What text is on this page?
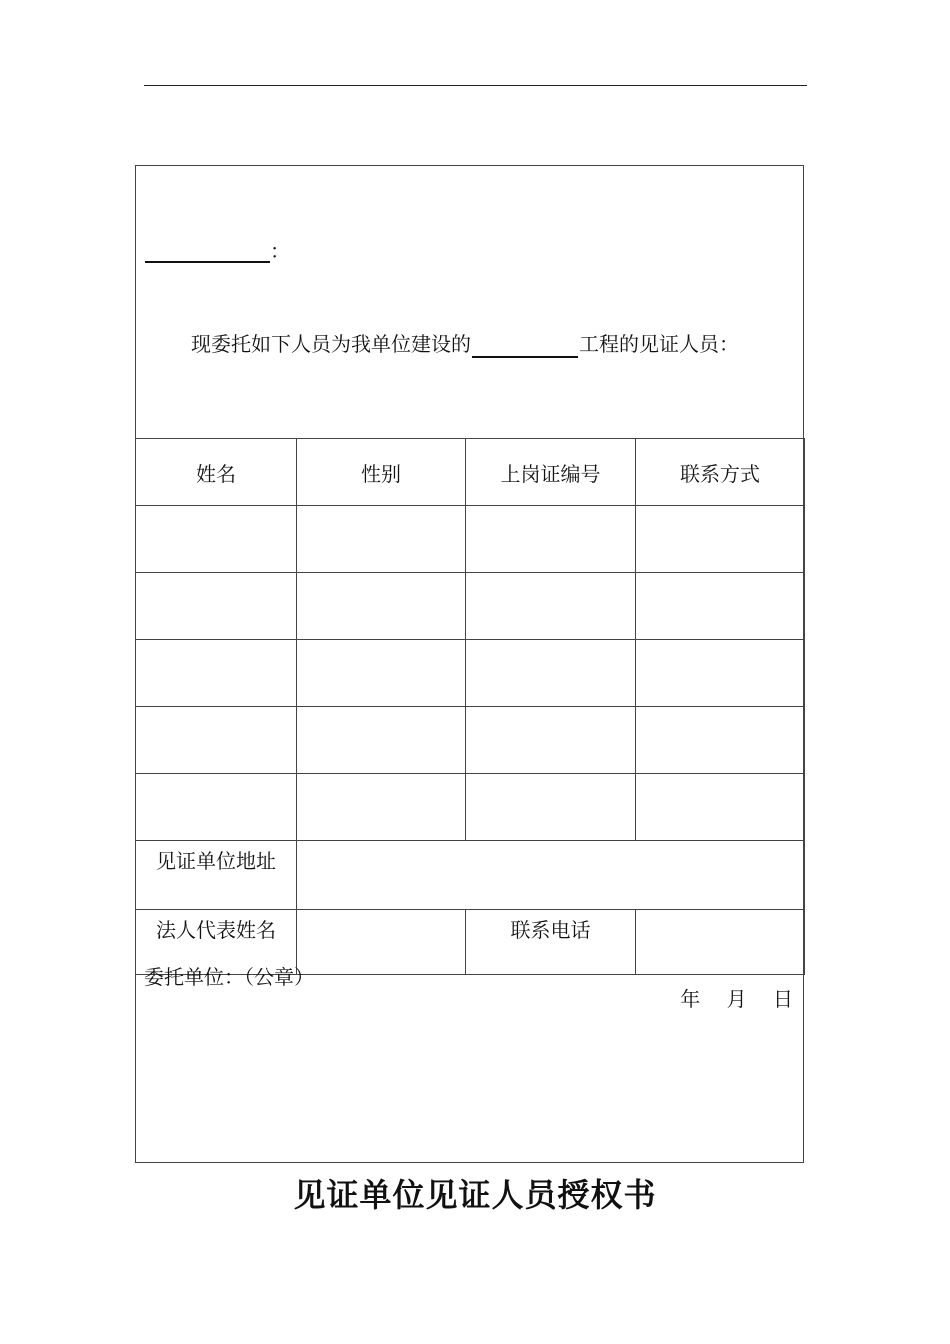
：
现委托如下人员为我单位建设的	工程的见证人员：
姓名	性别	上岗证编号	联系方式

见证单位地址			
法人代表姓名		联系电话	
委托单位：（公章）
年 月 日
见证单位见证人员授权书
